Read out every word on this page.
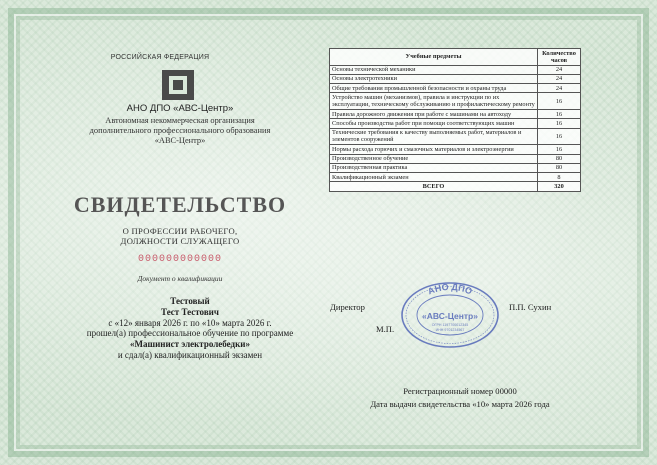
РОССИЙСКАЯ ФЕДЕРАЦИЯ
АНО ДПО «АВС-Центр»
Автономная некоммерческая организация
дополнительного профессионального образования
«АВС-Центр»
СВИДЕТЕЛЬСТВО
О ПРОФЕССИИ РАБОЧЕГО,
ДОЛЖНОСТИ СЛУЖАЩЕГО
000000000000
Документ о квалификации
Тестовый
Тест Тестович
с «12» января 2026 г. по «10» марта 2026 г.
прошел(а) профессиональное обучение по программе
«Машинист электролебедки»
и сдал(а) квалификационный экзамен
Учебные предметы	Количество часов
Основы технической механики	24
Основы электротехники	24
Общие требования промышленной безопасности и охраны труда	24
Устройство машин (механизмов), правила и инструкции по их эксплуатации, техническому обслуживанию и профилактическому ремонту	16
Правила дорожного движения при работе с машинами на автоходу	16
Способы производства работ при помощи соответствующих машин	16
Технические требования к качеству выполняемых работ, материалов и элементов сооружений	16
Нормы расхода горючих и смазочных материалов и электроэнергии	16
Производственное обучение	80
Производственная практика	80
Квалификационный экзамен	8
ВСЕГО	320
Директор	П.П. Сухин
М.П.
АНО ДПО
«АВС-Центр»
ОГРН 1197700012345
ИНН 9701234567
Регистрационный номер 00000
Дата выдачи свидетельства «10» марта 2026 года
